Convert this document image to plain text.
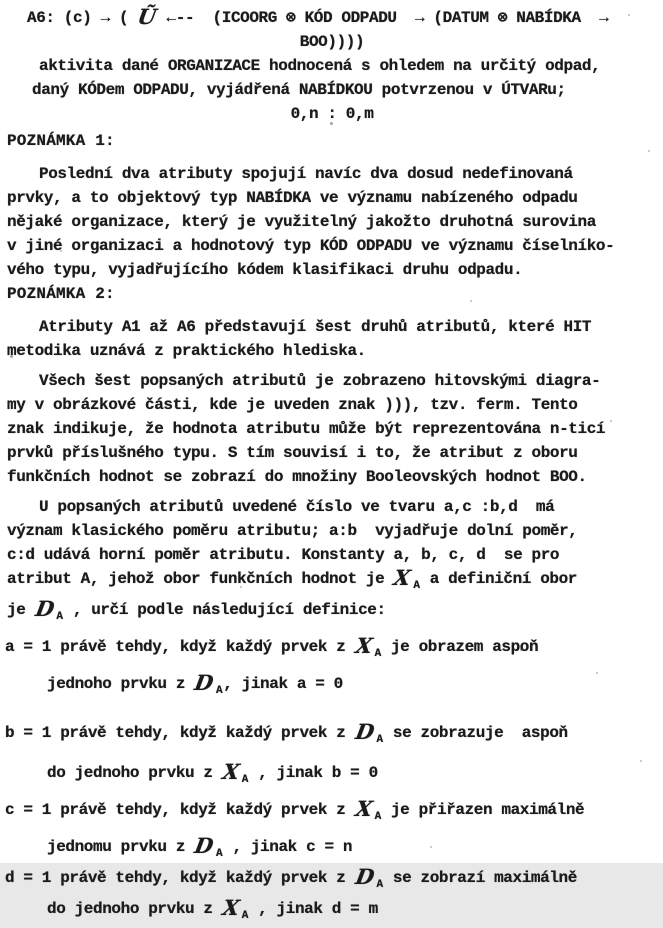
A6: (c) → ( Ũ ←--  (ICOORG ⊗ KÓD ODPADU  → (DATUM ⊗ NABÍDKA  →
BOO))))
aktivita dané ORGANIZACE hodnocená s ohledem na určitý odpad,
daný KÓDem ODPADU, vyjádřená NABÍDKOU potvrzenou v ÚTVARu;
0,n : 0,m
POZNÁMKA 1:
Poslední dva atributy spojují navíc dva dosud nedefinovaná
prvky, a to objektový typ NABÍDKA ve významu nabízeného odpadu
nějaké organizace, který je využitelný jakožto druhotná surovina
v jiné organizaci a hodnotový typ KÓD ODPADU ve významu číselníko-
vého typu, vyjadřujícího kódem klasifikaci druhu odpadu.
POZNÁMKA 2:
Atributy A1 až A6 představují šest druhů atributů, které HIT
metodika uznává z praktického hlediska.
Všech šest popsaných atributů je zobrazeno hitovskými diagra-
my v obrázkové části, kde je uveden znak ))), tzv. ferm. Tento
znak indikuje, že hodnota atributu může být reprezentována n-ticí
prvků příslušného typu. S tím souvisí i to, že atribut z oboru
funkčních hodnot se zobrazí do množiny Booleovských hodnot BOO.
U popsaných atributů uvedené číslo ve tvaru a,c :b,d  má
význam klasického poměru atributu; a:b  vyjadřuje dolní poměr,
c:d udává horní poměr atributu. Konstanty a, b, c, d  se pro
atribut A, jehož obor funkčních hodnot je $X_A$ a definiční obor
je $D_A$ , určí podle následující definice:
a = 1 právě tehdy, když každý prvek z $X_A$ je obrazem aspoň
jednoho prvku z $D_A$, jinak a = 0
b = 1 právě tehdy, když každý prvek z $D_A$ se zobrazuje  aspoň
do jednoho prvku z $X_A$ , jinak b = 0
c = 1 právě tehdy, když každý prvek z $X_A$ je přiřazen maximálně
jednomu prvku z $D_A$ , jinak c = n
d = 1 právě tehdy, když každý prvek z $D_A$ se zobrazí maximálně
do jednoho prvku z $X_A$ , jinak d = m
